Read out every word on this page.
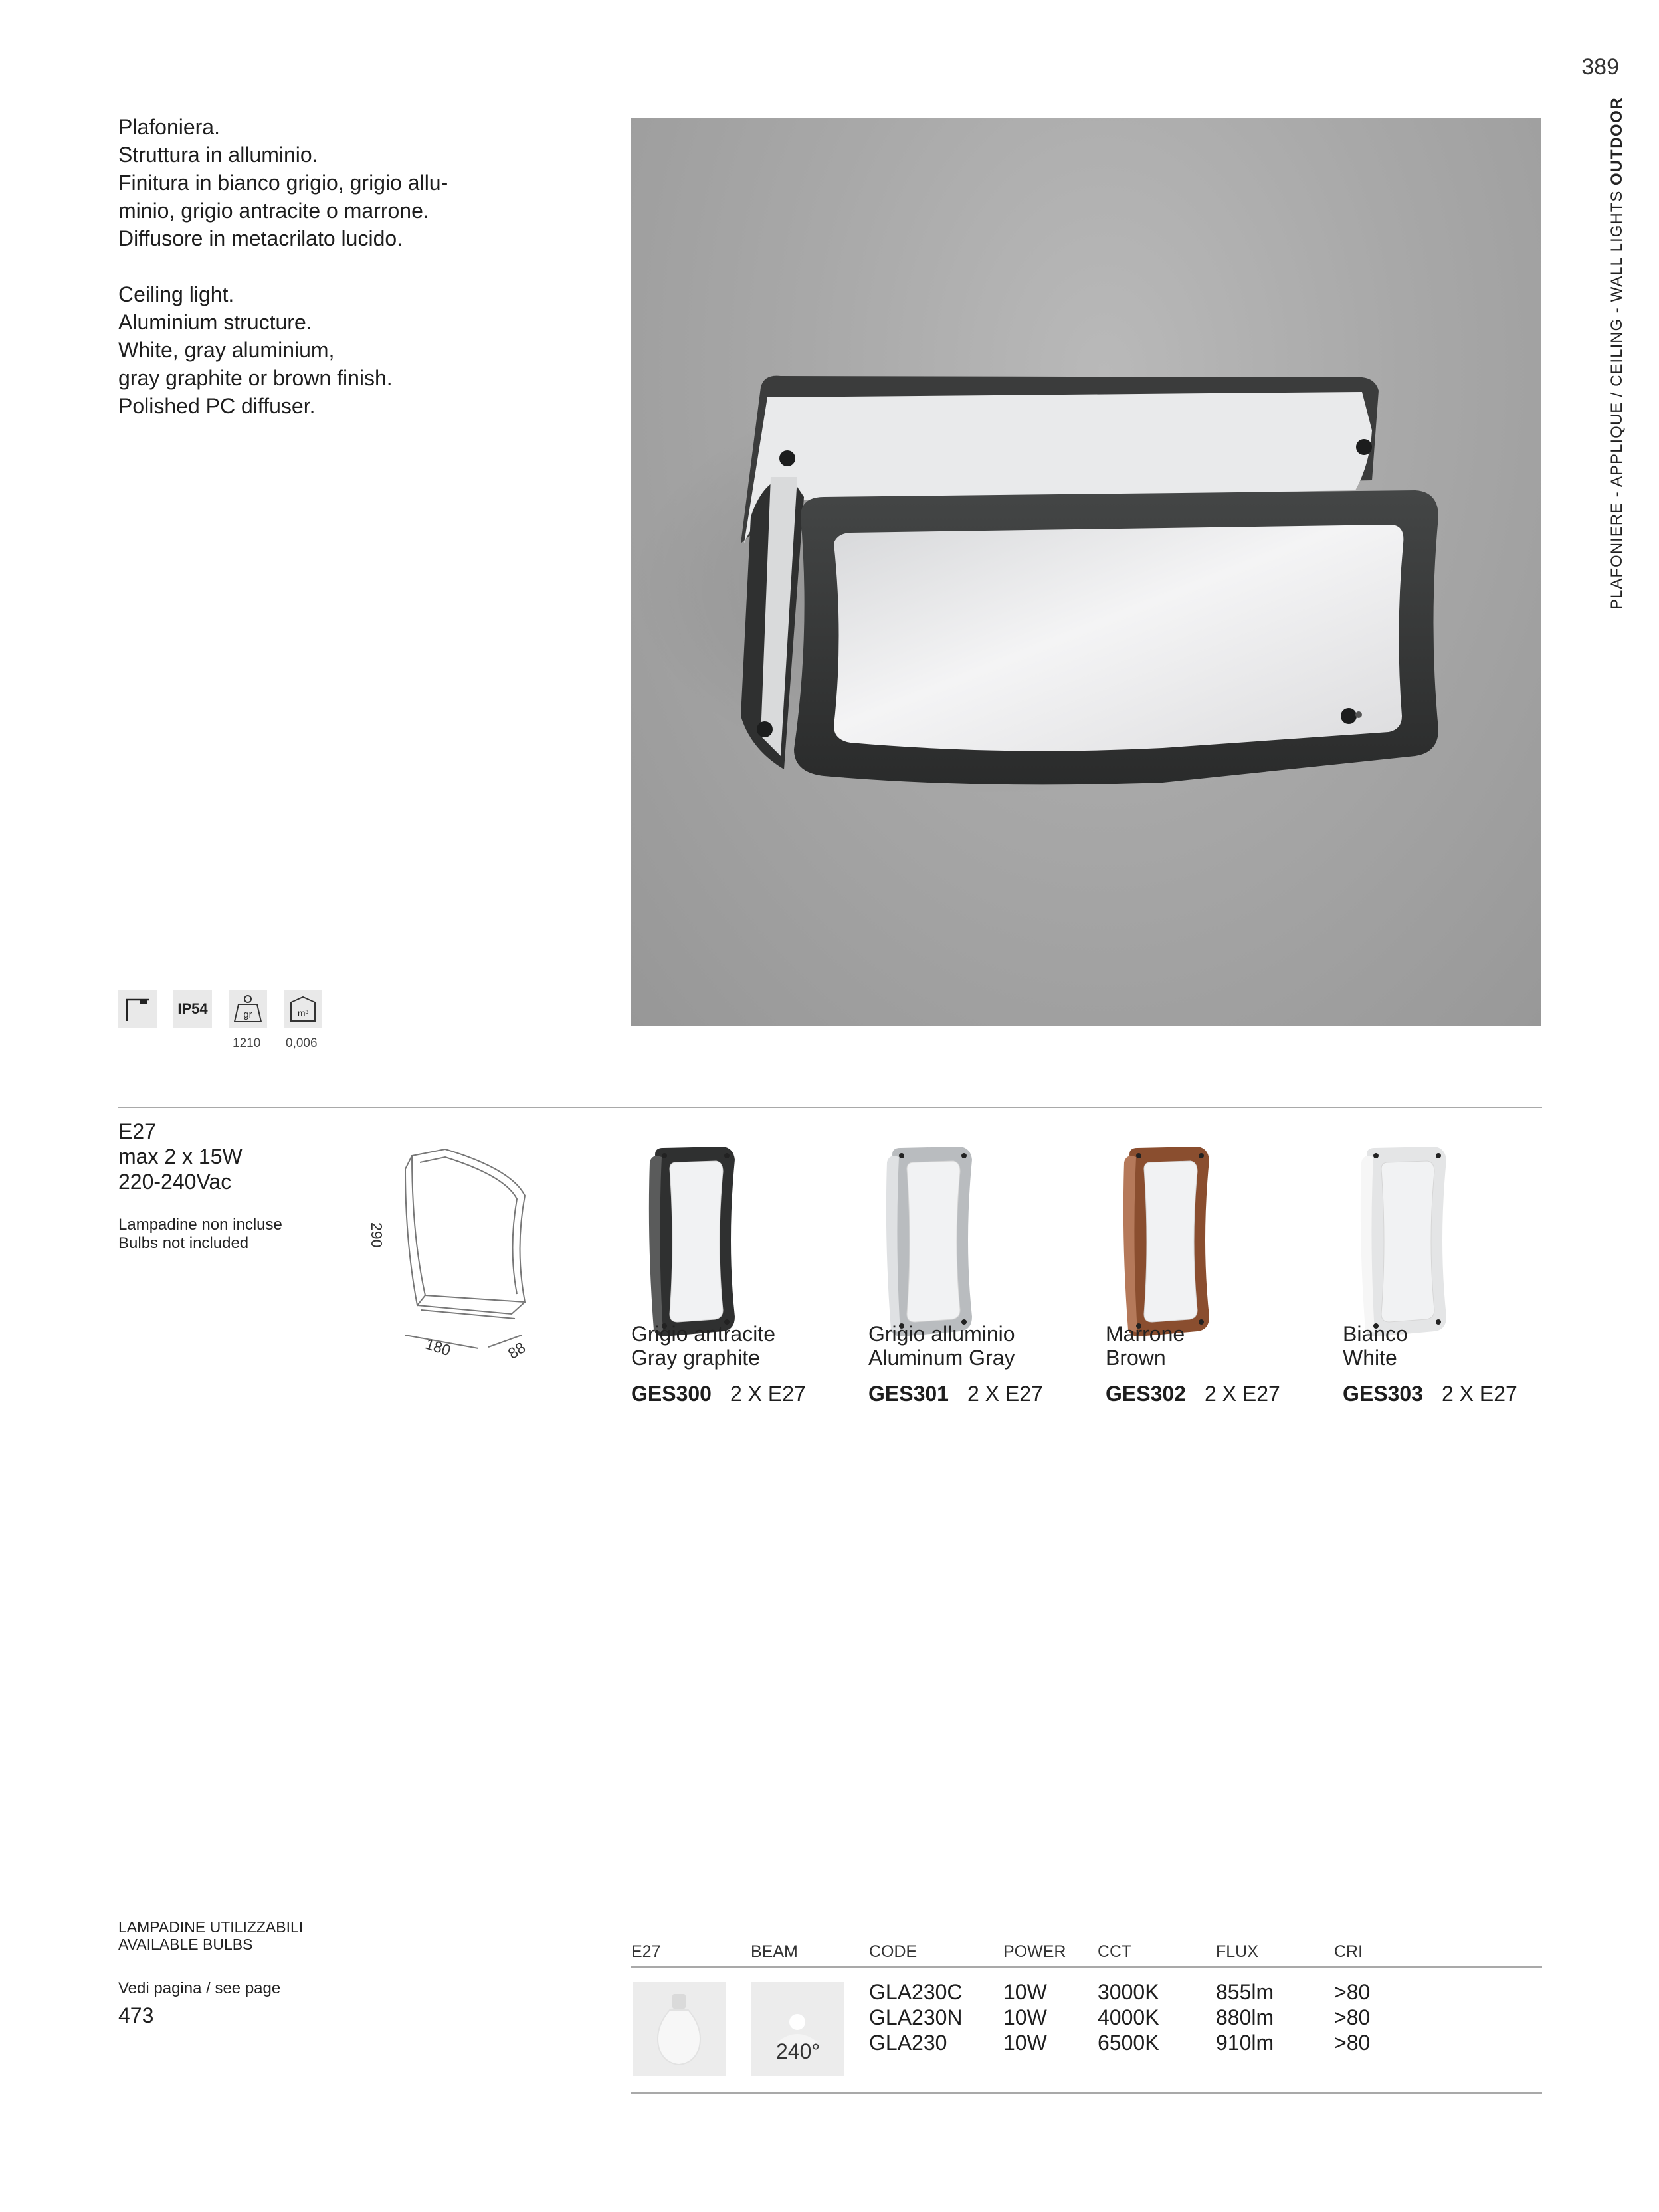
389
PLAFONIERE - APPLIQUE / CEILING - WALL LIGHTS OUTDOOR
Plafoniera.
Struttura in alluminio.
Finitura in bianco grigio, grigio allu-
minio, grigio antracite o marrone.
Diffusore in metacrilato lucido.
Ceiling light.
Aluminium structure.
White, gray aluminium,
gray graphite or brown finish.
Polished PC diffuser.
IP54	gr	m³
1210 0,006
E27
max 2 x 15W
220-240Vac
Lampadine non incluse
Bulbs not included	290
180	88
Grigio antracite
Gray graphite
GES300 2 X E27
Grigio alluminio
Aluminum Gray
GES301 2 X E27
Marrone
Brown
GES302 2 X E27
Bianco
White
GES303 2 X E27
LAMPADINE UTILIZZABILI
AVAILABLE BULBS
Vedi pagina / see page
473
E27	BEAM	CODE	POWER CCT	FLUX	CRI
240°
GLA230C 10W 3000K	855lm	>80
GLA230N 10W 4000K	880lm	>80
GLA230	10W 6500K	910lm	>80
